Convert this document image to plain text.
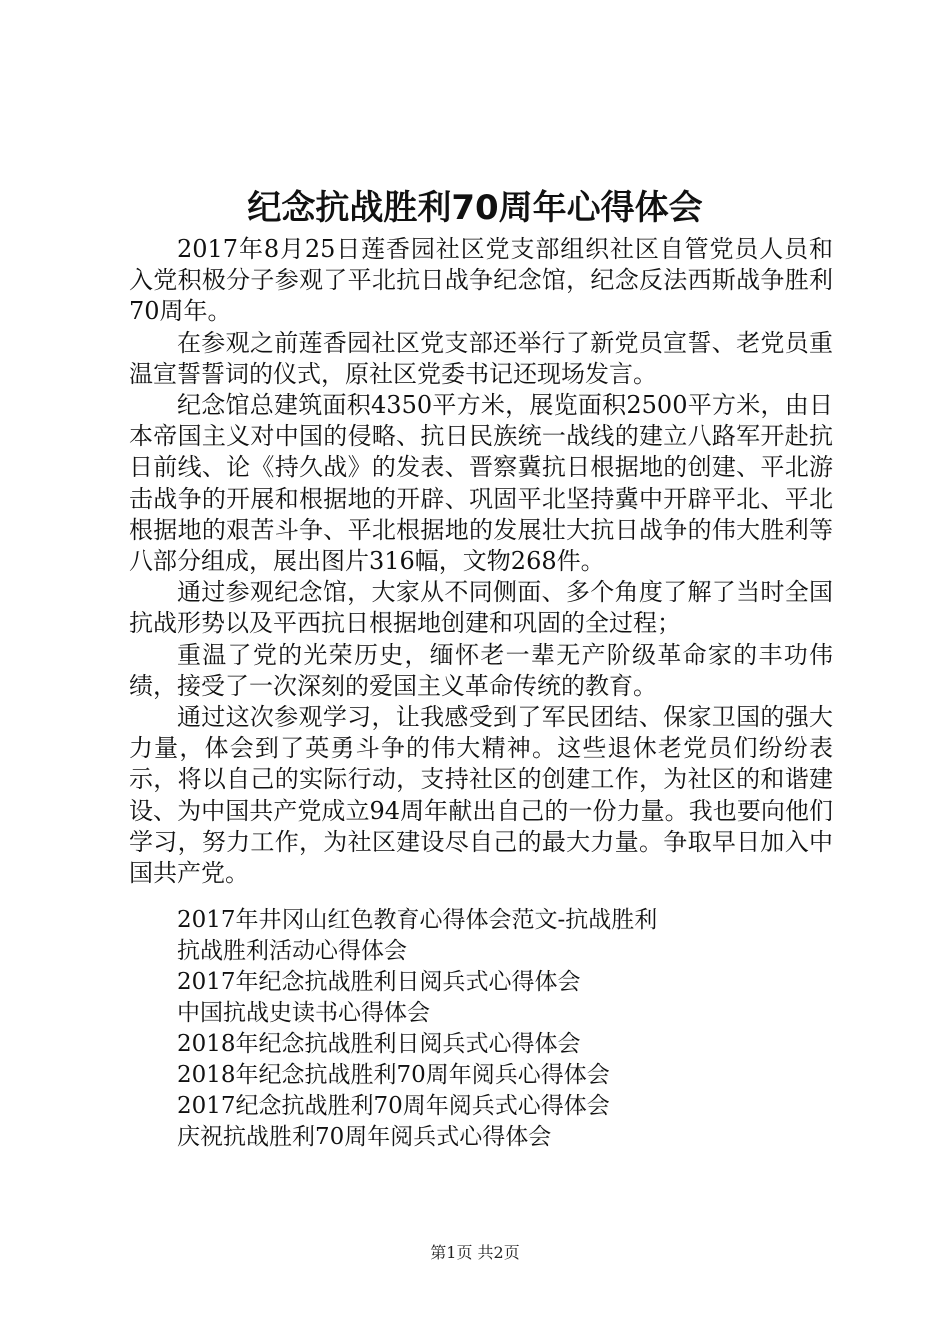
纪念抗战胜利70周年心得体会

2017年8月25日莲香园社区党支部组织社区自管党员人员和入党积极分子参观了平北抗日战争纪念馆，纪念反法西斯战争胜利70周年。

在参观之前莲香园社区党支部还举行了新党员宣誓、老党员重温宣誓誓词的仪式，原社区党委书记还现场发言。

纪念馆总建筑面积4350平方米，展览面积2500平方米，由日本帝国主义对中国的侵略、抗日民族统一战线的建立八路军开赴抗日前线、论《持久战》的发表、晋察冀抗日根据地的创建、平北游击战争的开展和根据地的开辟、巩固平北坚持冀中开辟平北、平北根据地的艰苦斗争、平北根据地的发展壮大抗日战争的伟大胜利等八部分组成，展出图片316幅，文物268件。

通过参观纪念馆，大家从不同侧面、多个角度了解了当时全国抗战形势以及平西抗日根据地创建和巩固的全过程；

重温了党的光荣历史，缅怀老一辈无产阶级革命家的丰功伟绩，接受了一次深刻的爱国主义革命传统的教育。

通过这次参观学习，让我感受到了军民团结、保家卫国的强大力量，体会到了英勇斗争的伟大精神。这些退休老党员们纷纷表示，将以自己的实际行动，支持社区的创建工作，为社区的和谐建设、为中国共产党成立94周年献出自己的一份力量。我也要向他们学习，努力工作，为社区建设尽自己的最大力量。争取早日加入中国共产党。

2017年井冈山红色教育心得体会范文-抗战胜利
抗战胜利活动心得体会
2017年纪念抗战胜利日阅兵式心得体会
中国抗战史读书心得体会
2018年纪念抗战胜利日阅兵式心得体会
2018年纪念抗战胜利70周年阅兵心得体会
2017纪念抗战胜利70周年阅兵式心得体会
庆祝抗战胜利70周年阅兵式心得体会
第1页 共2页
